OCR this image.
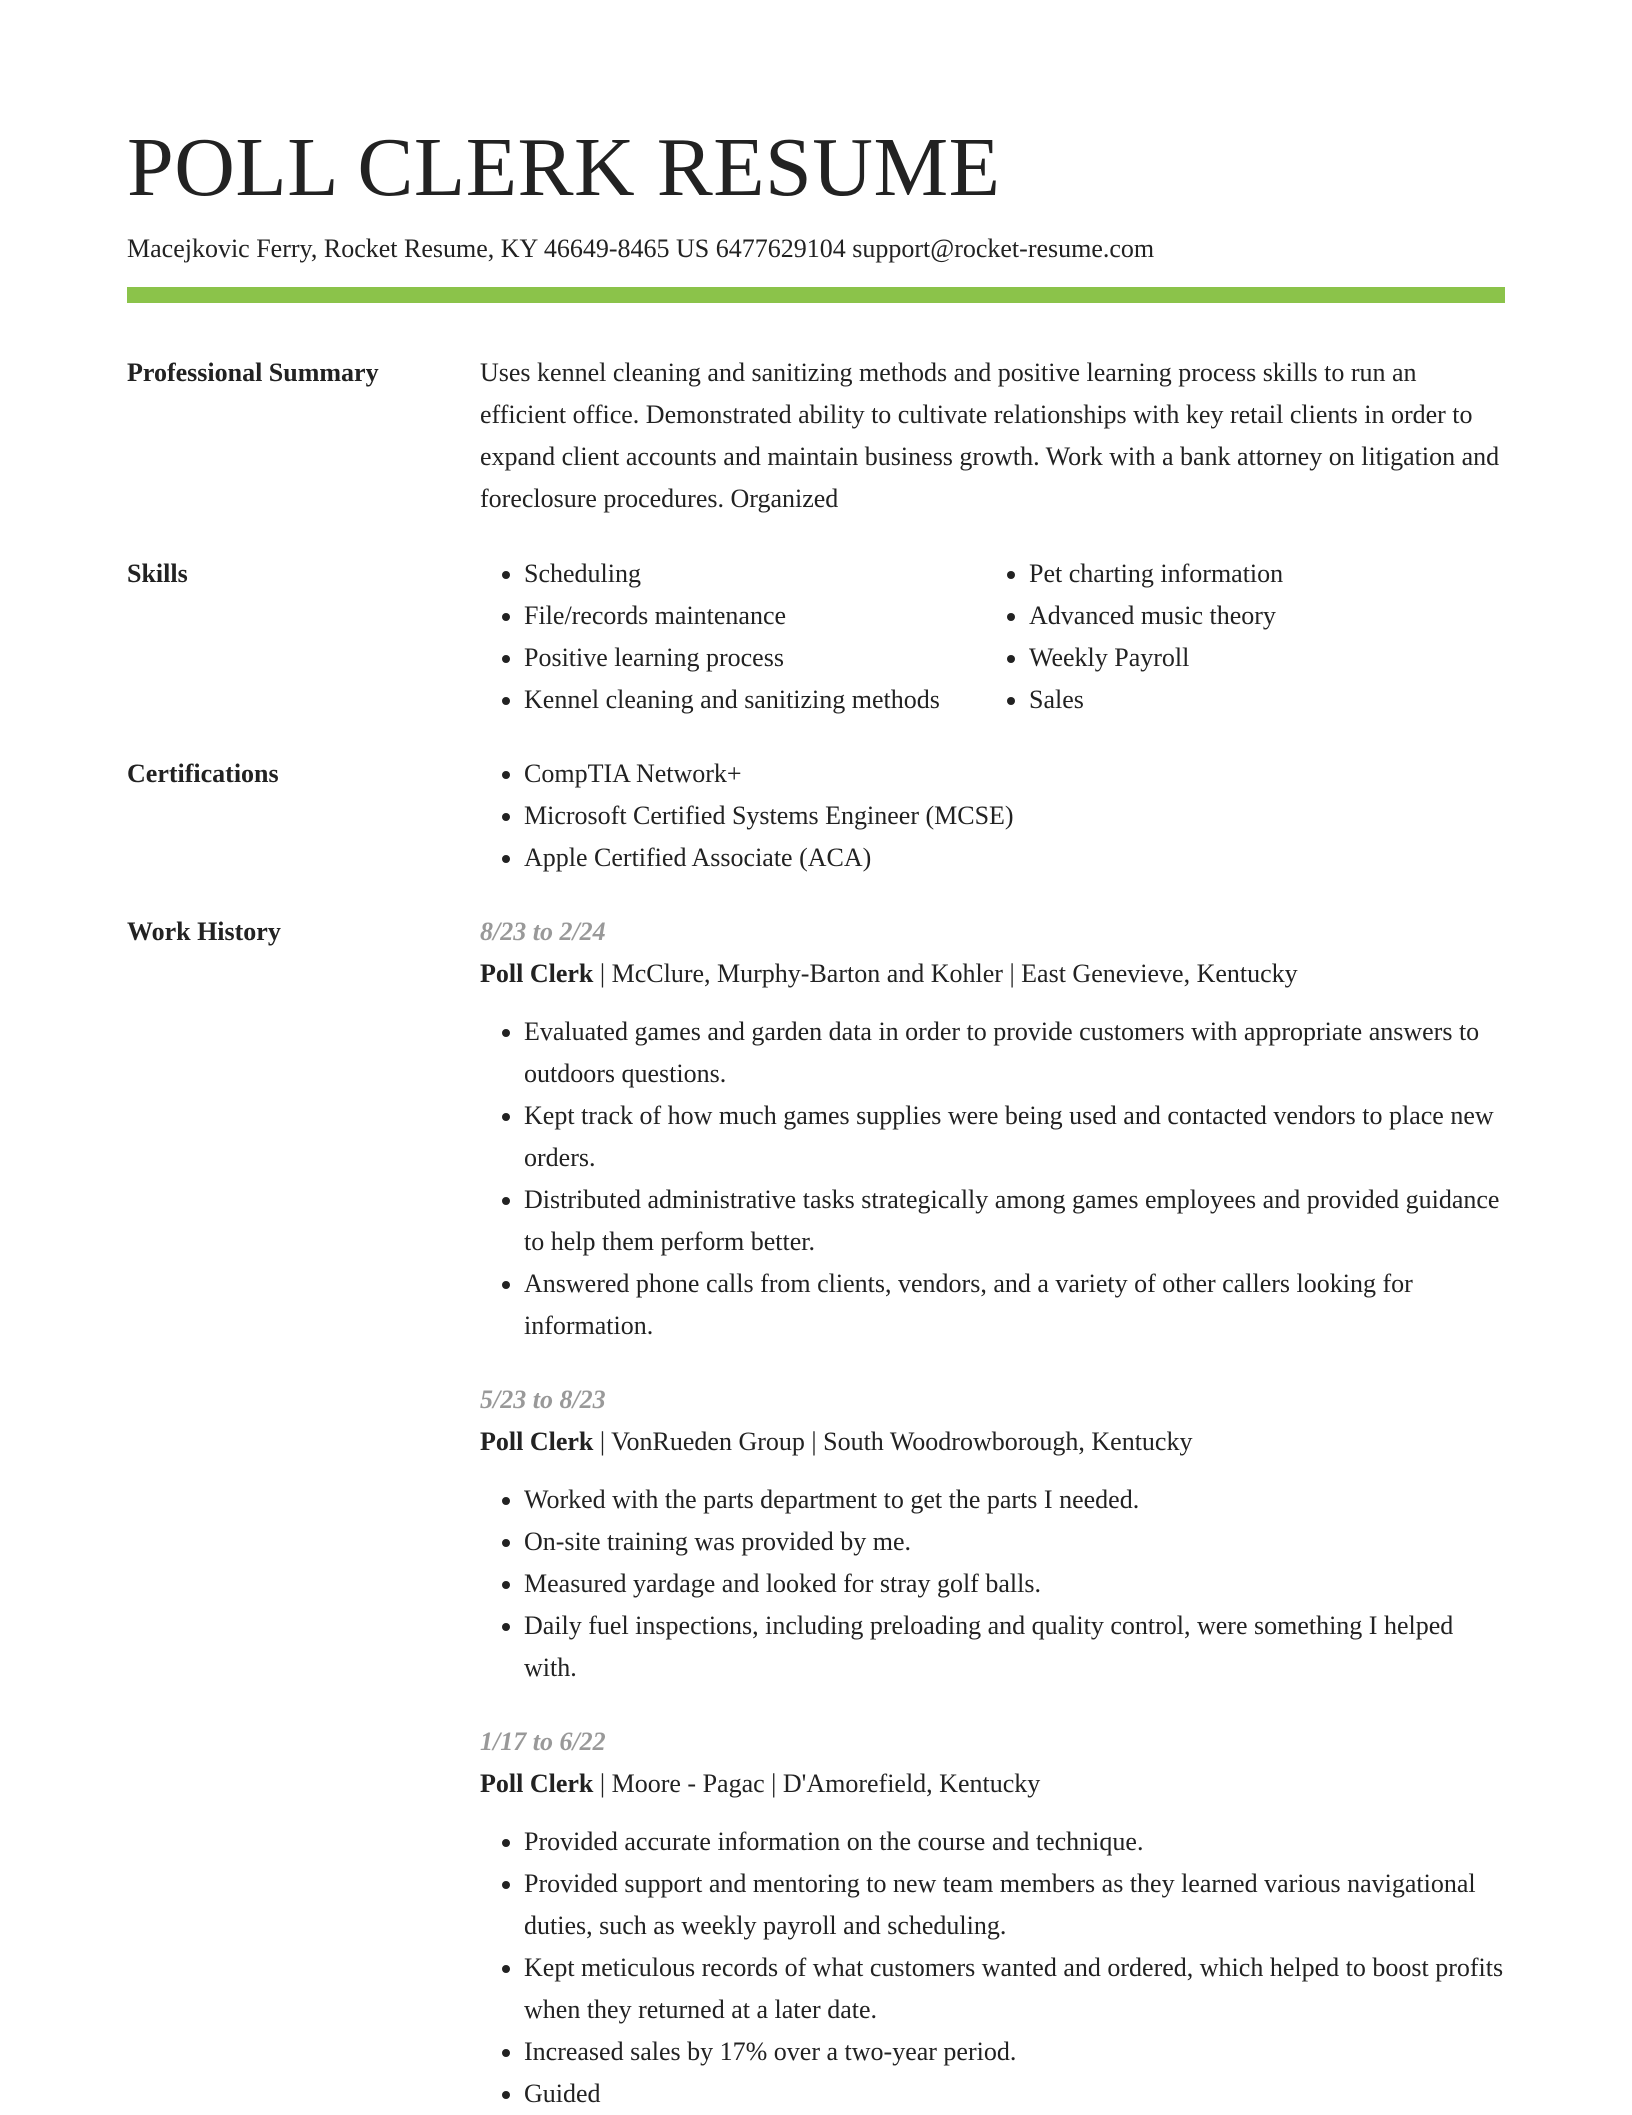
POLL CLERK RESUME
Macejkovic Ferry, Rocket Resume, KY 46649-8465 US 6477629104 support@rocket-resume.com
Professional Summary	Uses kennel cleaning and sanitizing methods and positive learning process skills to run an efficient office. Demonstrated ability to cultivate relationships with key retail clients in order to expand client accounts and maintain business growth. Work with a bank attorney on litigation and foreclosure procedures. Organized
Skills	• Scheduling
• File/records maintenance
• Positive learning process
• Kennel cleaning and sanitizing methods
• Pet charting information
• Advanced music theory
• Weekly Payroll
• Sales
Certifications	• CompTIA Network+
• Microsoft Certified Systems Engineer (MCSE)
• Apple Certified Associate (ACA)
Work History	8/23 to 2/24
Poll Clerk | McClure, Murphy-Barton and Kohler | East Genevieve, Kentucky
• Evaluated games and garden data in order to provide customers with appropriate answers to outdoors questions.
• Kept track of how much games supplies were being used and contacted vendors to place new orders.
• Distributed administrative tasks strategically among games employees and provided guidance to help them perform better.
• Answered phone calls from clients, vendors, and a variety of other callers looking for information.
5/23 to 8/23
Poll Clerk | VonRueden Group | South Woodrowborough, Kentucky
• Worked with the parts department to get the parts I needed.
• On-site training was provided by me.
• Measured yardage and looked for stray golf balls.
• Daily fuel inspections, including preloading and quality control, were something I helped with.
1/17 to 6/22
Poll Clerk | Moore - Pagac | D'Amorefield, Kentucky
• Provided accurate information on the course and technique.
• Provided support and mentoring to new team members as they learned various navigational duties, such as weekly payroll and scheduling.
• Kept meticulous records of what customers wanted and ordered, which helped to boost profits when they returned at a later date.
• Increased sales by 17% over a two-year period.
• Guided
